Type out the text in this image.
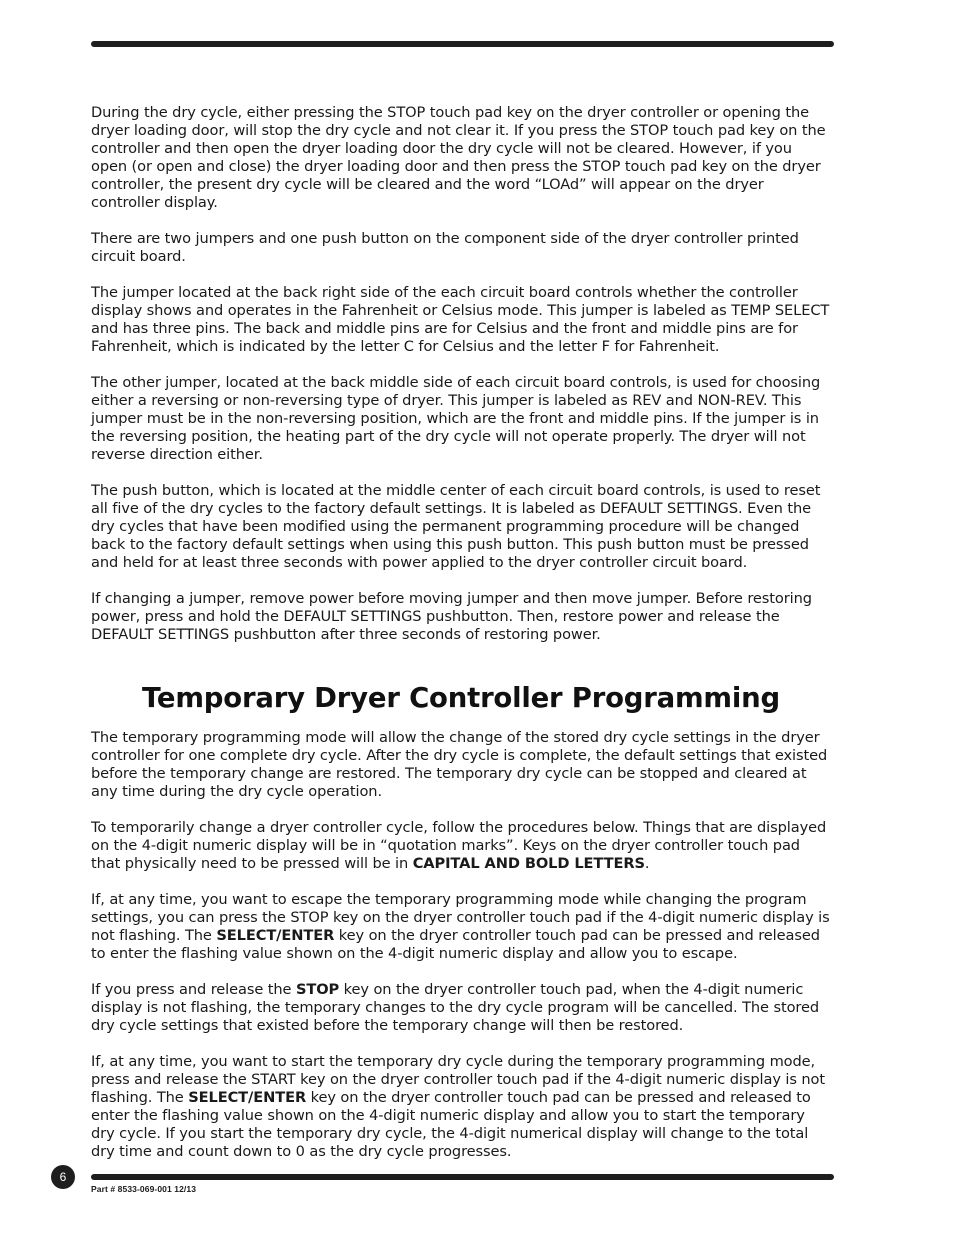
During the dry cycle, either pressing the STOP touch pad key on the dryer controller or opening the dryer loading door, will stop the dry cycle and not clear it. If you press the STOP touch pad key on the controller and then open the dryer loading door the dry cycle will not be cleared. However, if you open (or open and close) the dryer loading door and then press the STOP touch pad key on the dryer controller, the present dry cycle will be cleared and the word “LOAd” will appear on the dryer controller display.

There are two jumpers and one push button on the component side of the dryer controller printed circuit board.

The jumper located at the back right side of the each circuit board controls whether the controller display shows and operates in the Fahrenheit or Celsius mode. This jumper is labeled as TEMP SELECT and has three pins. The back and middle pins are for Celsius and the front and middle pins are for Fahrenheit, which is indicated by the letter C for Celsius and the letter F for Fahrenheit.

The other jumper, located at the back middle side of each circuit board controls, is used for choosing either a reversing or non-reversing type of dryer. This jumper is labeled as REV and NON-REV. This jumper must be in the non-reversing position, which are the front and middle pins. If the jumper is in the reversing position, the heating part of the dry cycle will not operate properly. The dryer will not reverse direction either.

The push button, which is located at the middle center of each circuit board controls, is used to reset all five of the dry cycles to the factory default settings. It is labeled as DEFAULT SETTINGS. Even the dry cycles that have been modified using the permanent programming procedure will be changed back to the factory default settings when using this push button. This push button must be pressed and held for at least three seconds with power applied to the dryer controller circuit board.

If changing a jumper, remove power before moving jumper and then move jumper. Before restoring power, press and hold the DEFAULT SETTINGS pushbutton. Then, restore power and release the DEFAULT SETTINGS pushbutton after three seconds of restoring power.

Temporary Dryer Controller Programming

The temporary programming mode will allow the change of the stored dry cycle settings in the dryer controller for one complete dry cycle. After the dry cycle is complete, the default settings that existed before the temporary change are restored. The temporary dry cycle can be stopped and cleared at any time during the dry cycle operation.

To temporarily change a dryer controller cycle, follow the procedures below. Things that are displayed on the 4-digit numeric display will be in “quotation marks”. Keys on the dryer controller touch pad that physically need to be pressed will be in CAPITAL AND BOLD LETTERS.

If, at any time, you want to escape the temporary programming mode while changing the program settings, you can press the STOP key on the dryer controller touch pad if the 4-digit numeric display is not flashing. The SELECT/ENTER key on the dryer controller touch pad can be pressed and released to enter the flashing value shown on the 4-digit numeric display and allow you to escape.

If you press and release the STOP key on the dryer controller touch pad, when the 4-digit numeric display is not flashing, the temporary changes to the dry cycle program will be cancelled. The stored dry cycle settings that existed before the temporary change will then be restored.

If, at any time, you want to start the temporary dry cycle during the temporary programming mode, press and release the START key on the dryer controller touch pad if the 4-digit numeric display is not flashing. The SELECT/ENTER key on the dryer controller touch pad can be pressed and released to enter the flashing value shown on the 4-digit numeric display and allow you to start the temporary dry cycle. If you start the temporary dry cycle, the 4-digit numerical display will change to the total dry time and count down to 0 as the dry cycle progresses.

6
Part # 8533-069-001 12/13
